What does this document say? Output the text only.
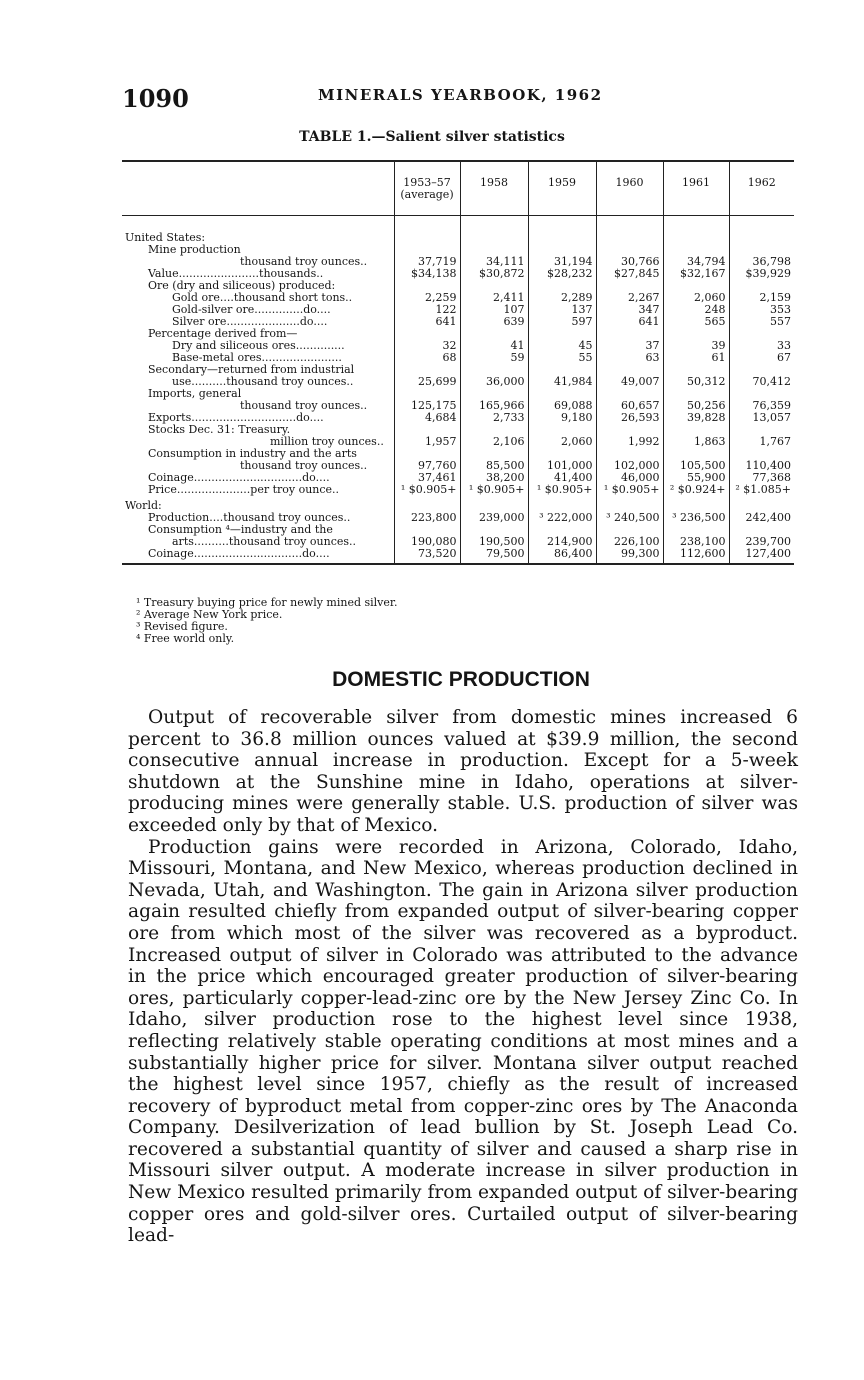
1090	MINERALS YEARBOOK, 1962
TABLE 1.—Salient silver statistics
	1953–57 (average)	1958	1959	1960	1961	1962
United States:						
Mine production						
thousand troy ounces..	37,719	34,111	31,194	30,766	34,794	36,798
Value.......................thousands..	$34,138	$30,872	$28,232	$27,845	$32,167	$39,929
Ore (dry and siliceous) produced:						
Gold ore....thousand short tons..	2,259	2,411	2,289	2,267	2,060	2,159
Gold-silver ore..............do....	122	107	137	347	248	353
Silver ore.....................do....	641	639	597	641	565	557
Percentage derived from—						
Dry and siliceous ores..............	32	41	45	37	39	33
Base-metal ores.......................	68	59	55	63	61	67
Secondary—returned from industrial						
use..........thousand troy ounces..	25,699	36,000	41,984	49,007	50,312	70,412
Imports, general						
thousand troy ounces..	125,175	165,966	69,088	60,657	50,256	76,359
Exports..............................do....	4,684	2,733	9,180	26,593	39,828	13,057
Stocks Dec. 31: Treasury.						
million troy ounces..	1,957	2,106	2,060	1,992	1,863	1,767
Consumption in industry and the arts						
thousand troy ounces..	97,760	85,500	101,000	102,000	105,500	110,400
Coinage...............................do....	37,461	38,200	41,400	46,000	55,900	77,368
Price.....................per troy ounce..	¹ $0.905+	¹ $0.905+	¹ $0.905+	¹ $0.905+	² $0.924+	² $1.085+
World:						
Production....thousand troy ounces..	223,800	239,000	³ 222,000	³ 240,500	³ 236,500	242,400
Consumption ⁴—industry and the						
arts..........thousand troy ounces..	190,080	190,500	214,900	226,100	238,100	239,700
Coinage...............................do....	73,520	79,500	86,400	99,300	112,600	127,400
¹ Treasury buying price for newly mined silver.
² Average New York price.
³ Revised figure.
⁴ Free world only.
DOMESTIC PRODUCTION

Output of recoverable silver from domestic mines increased 6 percent to 36.8 million ounces valued at $39.9 million, the second consecutive annual increase in production. Except for a 5-week shutdown at the Sunshine mine in Idaho, operations at silver-producing mines were generally stable. U.S. production of silver was exceeded only by that of Mexico.

Production gains were recorded in Arizona, Colorado, Idaho, Missouri, Montana, and New Mexico, whereas production declined in Nevada, Utah, and Washington. The gain in Arizona silver production again resulted chiefly from expanded output of silver-bearing copper ore from which most of the silver was recovered as a byproduct. Increased output of silver in Colorado was attributed to the advance in the price which encouraged greater production of silver-bearing ores, particularly copper-lead-zinc ore by the New Jersey Zinc Co. In Idaho, silver production rose to the highest level since 1938, reflecting relatively stable operating conditions at most mines and a substantially higher price for silver. Montana silver output reached the highest level since 1957, chiefly as the result of increased recovery of byproduct metal from copper-zinc ores by The Anaconda Company. Desilverization of lead bullion by St. Joseph Lead Co. recovered a substantial quantity of silver and caused a sharp rise in Missouri silver output. A moderate increase in silver production in New Mexico resulted primarily from expanded output of silver-bearing copper ores and gold-silver ores. Curtailed output of silver-bearing lead-
